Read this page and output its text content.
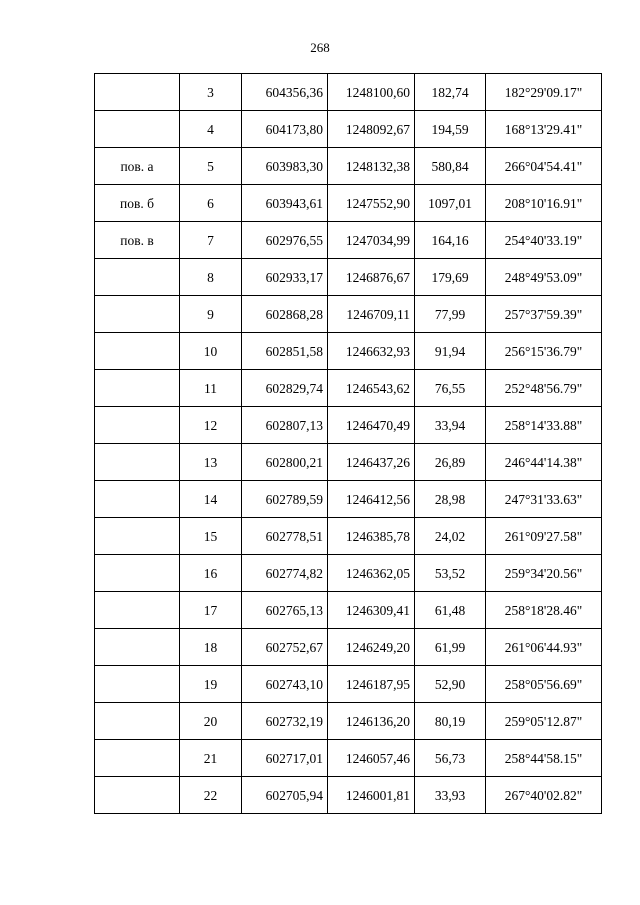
268

	3	604356,36	1248100,60	182,74	182°29'09.17"

	4	604173,80	1248092,67	194,59	168°13'29.41"

пов. а	5	603983,30	1248132,38	580,84	266°04'54.41"

пов. б	6	603943,61	1247552,90	1097,01	208°10'16.91"

пов. в	7	602976,55	1247034,99	164,16	254°40'33.19"

	8	602933,17	1246876,67	179,69	248°49'53.09"

	9	602868,28	1246709,11	77,99	257°37'59.39"

	10	602851,58	1246632,93	91,94	256°15'36.79"

	11	602829,74	1246543,62	76,55	252°48'56.79"

	12	602807,13	1246470,49	33,94	258°14'33.88"

	13	602800,21	1246437,26	26,89	246°44'14.38"

	14	602789,59	1246412,56	28,98	247°31'33.63"

	15	602778,51	1246385,78	24,02	261°09'27.58"

	16	602774,82	1246362,05	53,52	259°34'20.56"

	17	602765,13	1246309,41	61,48	258°18'28.46"

	18	602752,67	1246249,20	61,99	261°06'44.93"

	19	602743,10	1246187,95	52,90	258°05'56.69"

	20	602732,19	1246136,20	80,19	259°05'12.87"

	21	602717,01	1246057,46	56,73	258°44'58.15"

	22	602705,94	1246001,81	33,93	267°40'02.82"
